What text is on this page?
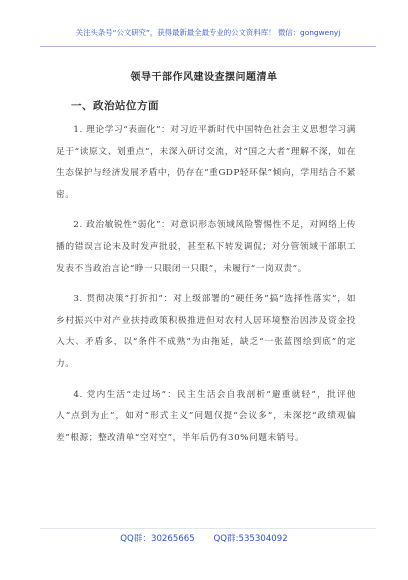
关注头条号“公文研究”，获得最新最全最专业的公文资料库！ 微信：gongwenyj
领导干部作风建设查摆问题清单
一、政治站位方面

1. 理论学习“表面化”：对习近平新时代中国特色社会主义思想学习满足于“读原文、划重点”，未深入研讨交流，对“国之大者”理解不深，如在生态保护与经济发展矛盾中，仍存在“重GDP轻环保”倾向，学用结合不紧密。

2. 政治敏锐性“弱化”：对意识形态领域风险警惕性不足，对网络上传播的错误言论未及时发声批驳，甚至私下转发调侃；对分管领域干部职工发表不当政治言论“睁一只眼闭一只眼”，未履行“一岗双责”。

3. 贯彻决策“打折扣”：对上级部署的“硬任务”搞“选择性落实”，如乡村振兴中对产业扶持政策积极推进但对农村人居环境整治因涉及资金投入大、矛盾多，以“条件不成熟”为由拖延，缺乏“一张蓝图绘到底”的定力。

4. 党内生活“走过场”：民主生活会自我剖析“避重就轻”，批评他人“点到为止”，如对“形式主义”问题仅提“会议多”，未深挖“政绩观偏差”根源；整改清单“空对空”，半年后仍有30%问题未销号。

QQ群：30265665 QQ群:535304092
